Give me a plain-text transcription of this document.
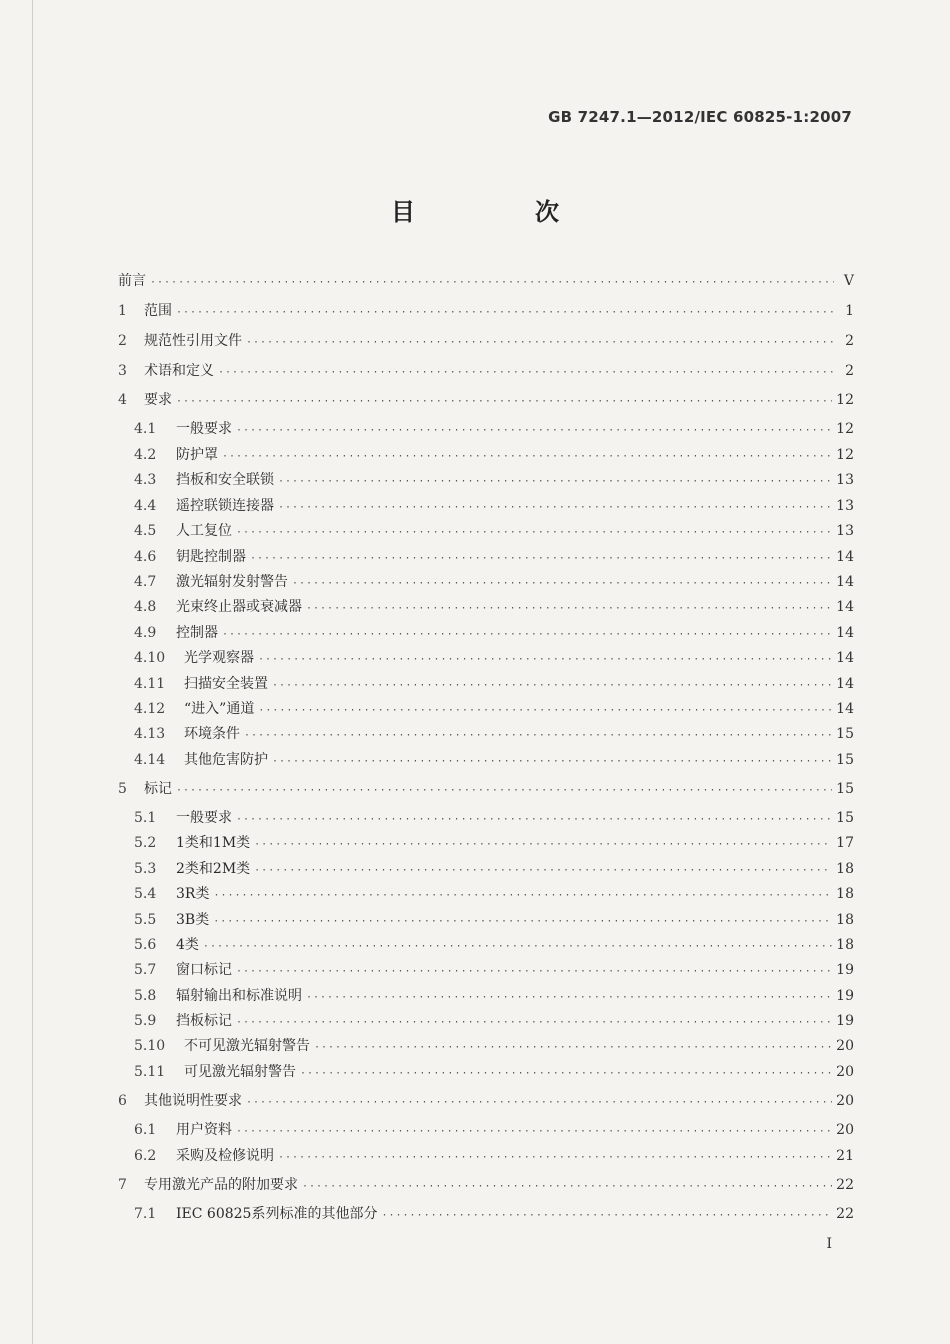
GB 7247.1—2012/IEC 60825-1:2007
目　次
前言 ·····	V
1	范围 ·····	1
2	规范性引用文件 ·····	2
3	术语和定义 ·····	2
4	要求 ·····	12
4.1	一般要求 ·····	12
4.2	防护罩 ·····	12
4.3	挡板和安全联锁 ·····	13
4.4	遥控联锁连接器 ·····	13
4.5	人工复位 ·····	13
4.6	钥匙控制器 ·····	14
4.7	激光辐射发射警告 ·····	14
4.8	光束终止器或衰减器 ·····	14
4.9	控制器 ·····	14
4.10	光学观察器 ·····	14
4.11	扫描安全装置 ·····	14
4.12	“进入”通道 ·····	14
4.13	环境条件 ·····	15
4.14	其他危害防护 ·····	15
5	标记 ·····	15
5.1	一般要求 ·····	15
5.2	1类和1M类 ·····	17
5.3	2类和2M类 ·····	18
5.4	3R类 ·····	18
5.5	3B类 ·····	18
5.6	4类 ·····	18
5.7	窗口标记 ·····	19
5.8	辐射输出和标准说明 ·····	19
5.9	挡板标记 ·····	19
5.10	不可见激光辐射警告 ·····	20
5.11	可见激光辐射警告 ·····	20
6	其他说明性要求 ·····	20
6.1	用户资料 ·····	20
6.2	采购及检修说明 ·····	21
7	专用激光产品的附加要求 ·····	22
7.1	IEC 60825系列标准的其他部分 ·····	22
I
